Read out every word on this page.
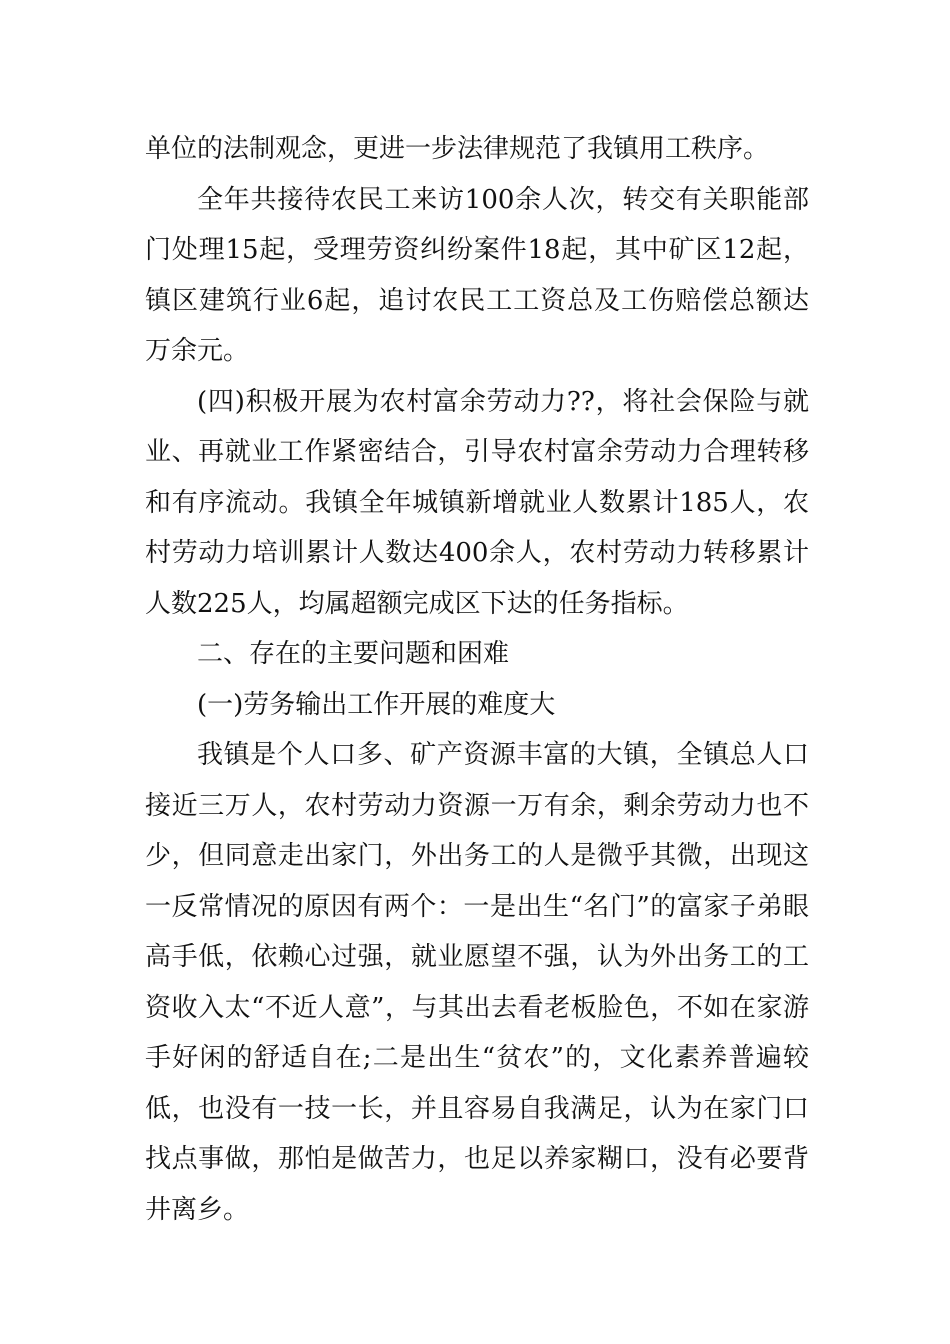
单位的法制观念，更进一步法律规范了我镇用工秩序。

全年共接待农民工来访100余人次，转交有关职能部门处理15起，受理劳资纠纷案件18起，其中矿区12起，镇区建筑行业6起，追讨农民工工资总及工伤赔偿总额达万余元。

(四)积极开展为农村富余劳动力??，将社会保险与就业、再就业工作紧密结合，引导农村富余劳动力合理转移和有序流动。我镇全年城镇新增就业人数累计185人，农村劳动力培训累计人数达400余人，农村劳动力转移累计人数225人，均属超额完成区下达的任务指标。

二、存在的主要问题和困难

(一)劳务输出工作开展的难度大

我镇是个人口多、矿产资源丰富的大镇，全镇总人口接近三万人，农村劳动力资源一万有余，剩余劳动力也不少，但同意走出家门，外出务工的人是微乎其微，出现这一反常情况的原因有两个：一是出生“名门”的富家子弟眼高手低，依赖心过强，就业愿望不强，认为外出务工的工资收入太“不近人意”，与其出去看老板脸色，不如在家游手好闲的舒适自在;二是出生“贫农”的，文化素养普遍较低，也没有一技一长，并且容易自我满足，认为在家门口找点事做，那怕是做苦力，也足以养家糊口，没有必要背井离乡。
